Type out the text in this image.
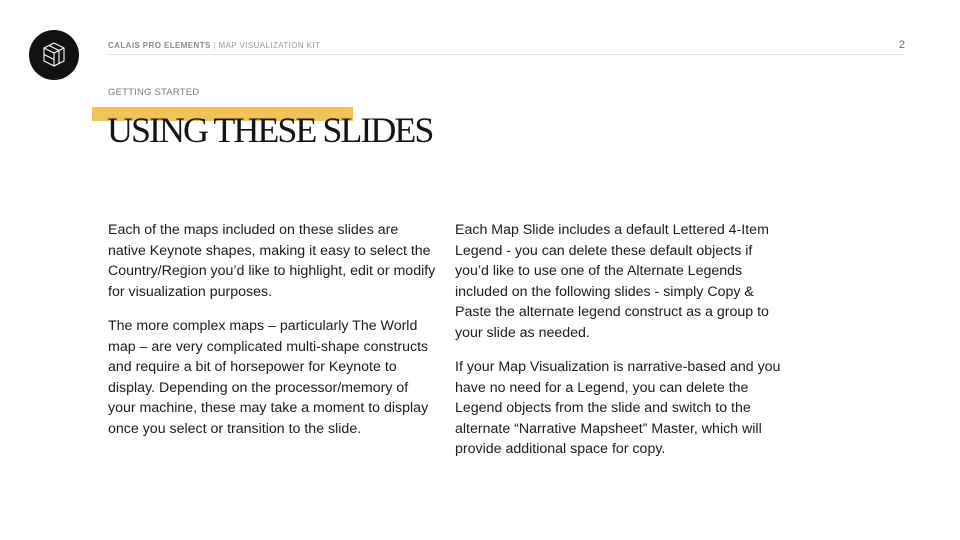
CALAIS PRO ELEMENTS | MAP VISUALIZATION KIT	2
GETTING STARTED
USING THESE SLIDES

Each of the maps included on these slides are native Keynote shapes, making it easy to select the Country/Region you’d like to highlight, edit or modify for visualization purposes.

The more complex maps – particularly The World map – are very complicated multi-shape constructs and require a bit of horsepower for Keynote to display. Depending on the processor/memory of your machine, these may take a moment to display once you select or transition to the slide.

Each Map Slide includes a default Lettered 4-Item Legend - you can delete these default objects if you’d like to use one of the Alternate Legends included on the following slides - simply Copy & Paste the alternate legend construct as a group to your slide as needed.

If your Map Visualization is narrative-based and you have no need for a Legend, you can delete the Legend objects from the slide and switch to the alternate “Narrative Mapsheet” Master, which will provide additional space for copy.
